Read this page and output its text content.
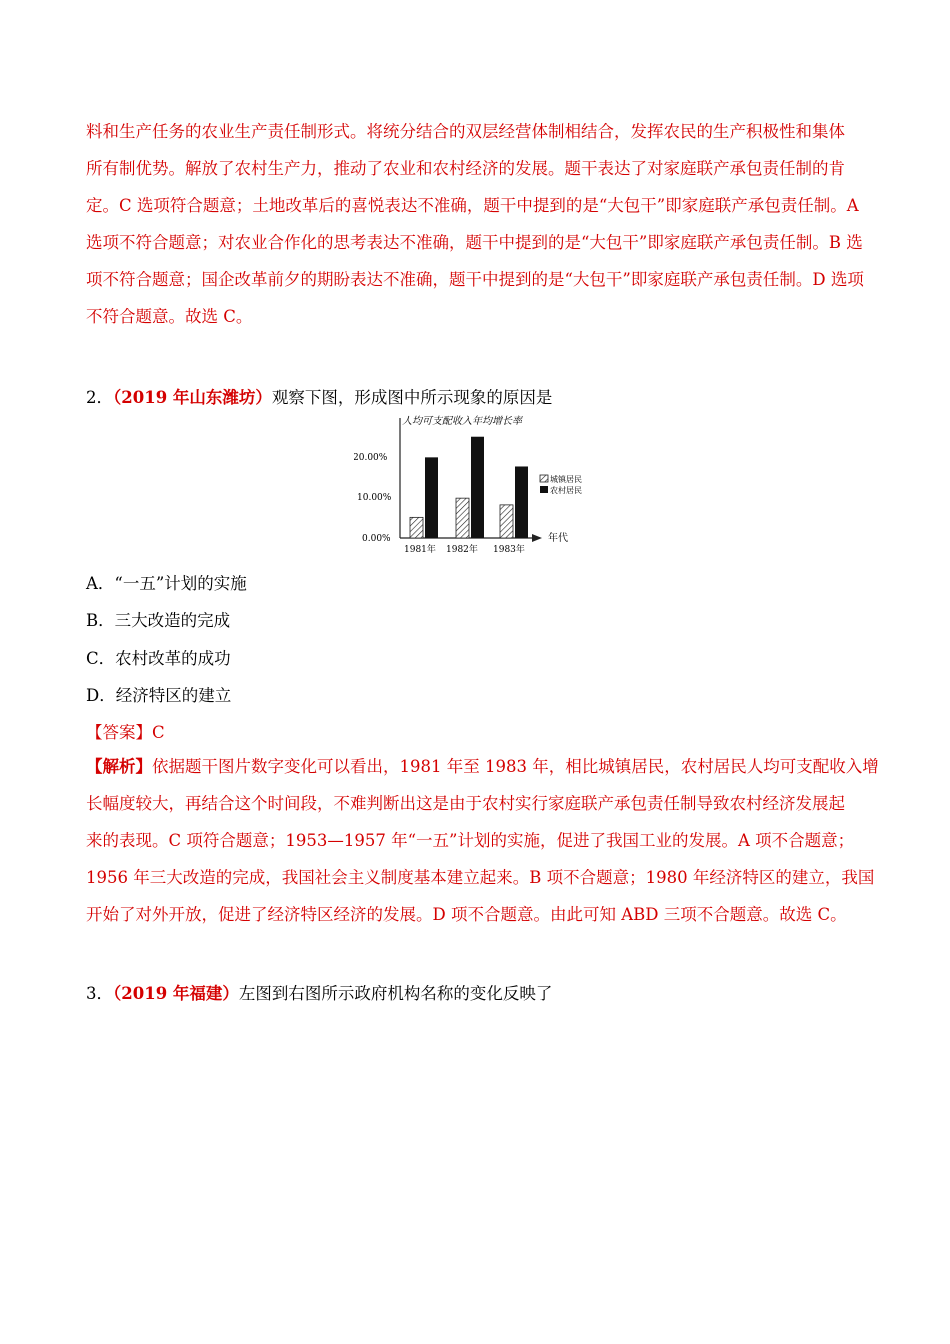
料和生产任务的农业生产责任制形式。将统分结合的双层经营体制相结合，发挥农民的生产积极性和集体
所有制优势。解放了农村生产力，推动了农业和农村经济的发展。题干表达了对家庭联产承包责任制的肯
定。C 选项符合题意；土地改革后的喜悦表达不准确，题干中提到的是“大包干”即家庭联产承包责任制。A
选项不符合题意；对农业合作化的思考表达不准确，题干中提到的是“大包干”即家庭联产承包责任制。B 选
项不符合题意；国企改革前夕的期盼表达不准确，题干中提到的是“大包干”即家庭联产承包责任制。D 选项
不符合题意。故选 C。
2．（2019 年山东潍坊）观察下图，形成图中所示现象的原因是
人均可支配收入年均增长率
年代
20.00%
10.00%
0.00%
1981年 1982年 1983年
城镇居民
农村居民
A．“一五”计划的实施
B．三大改造的完成
C．农村改革的成功
D．经济特区的建立
【答案】C
【解析】依据题干图片数字变化可以看出，1981 年至 1983 年，相比城镇居民，农村居民人均可支配收入增
长幅度较大，再结合这个时间段，不难判断出这是由于农村实行家庭联产承包责任制导致农村经济发展起
来的表现。C 项符合题意；1953—1957 年“一五”计划的实施，促进了我国工业的发展。A 项不合题意；
1956 年三大改造的完成，我国社会主义制度基本建立起来。B 项不合题意；1980 年经济特区的建立，我国
开始了对外开放，促进了经济特区经济的发展。D 项不合题意。由此可知 ABD 三项不合题意。故选 C。
3．（2019 年福建）左图到右图所示政府机构名称的变化反映了
